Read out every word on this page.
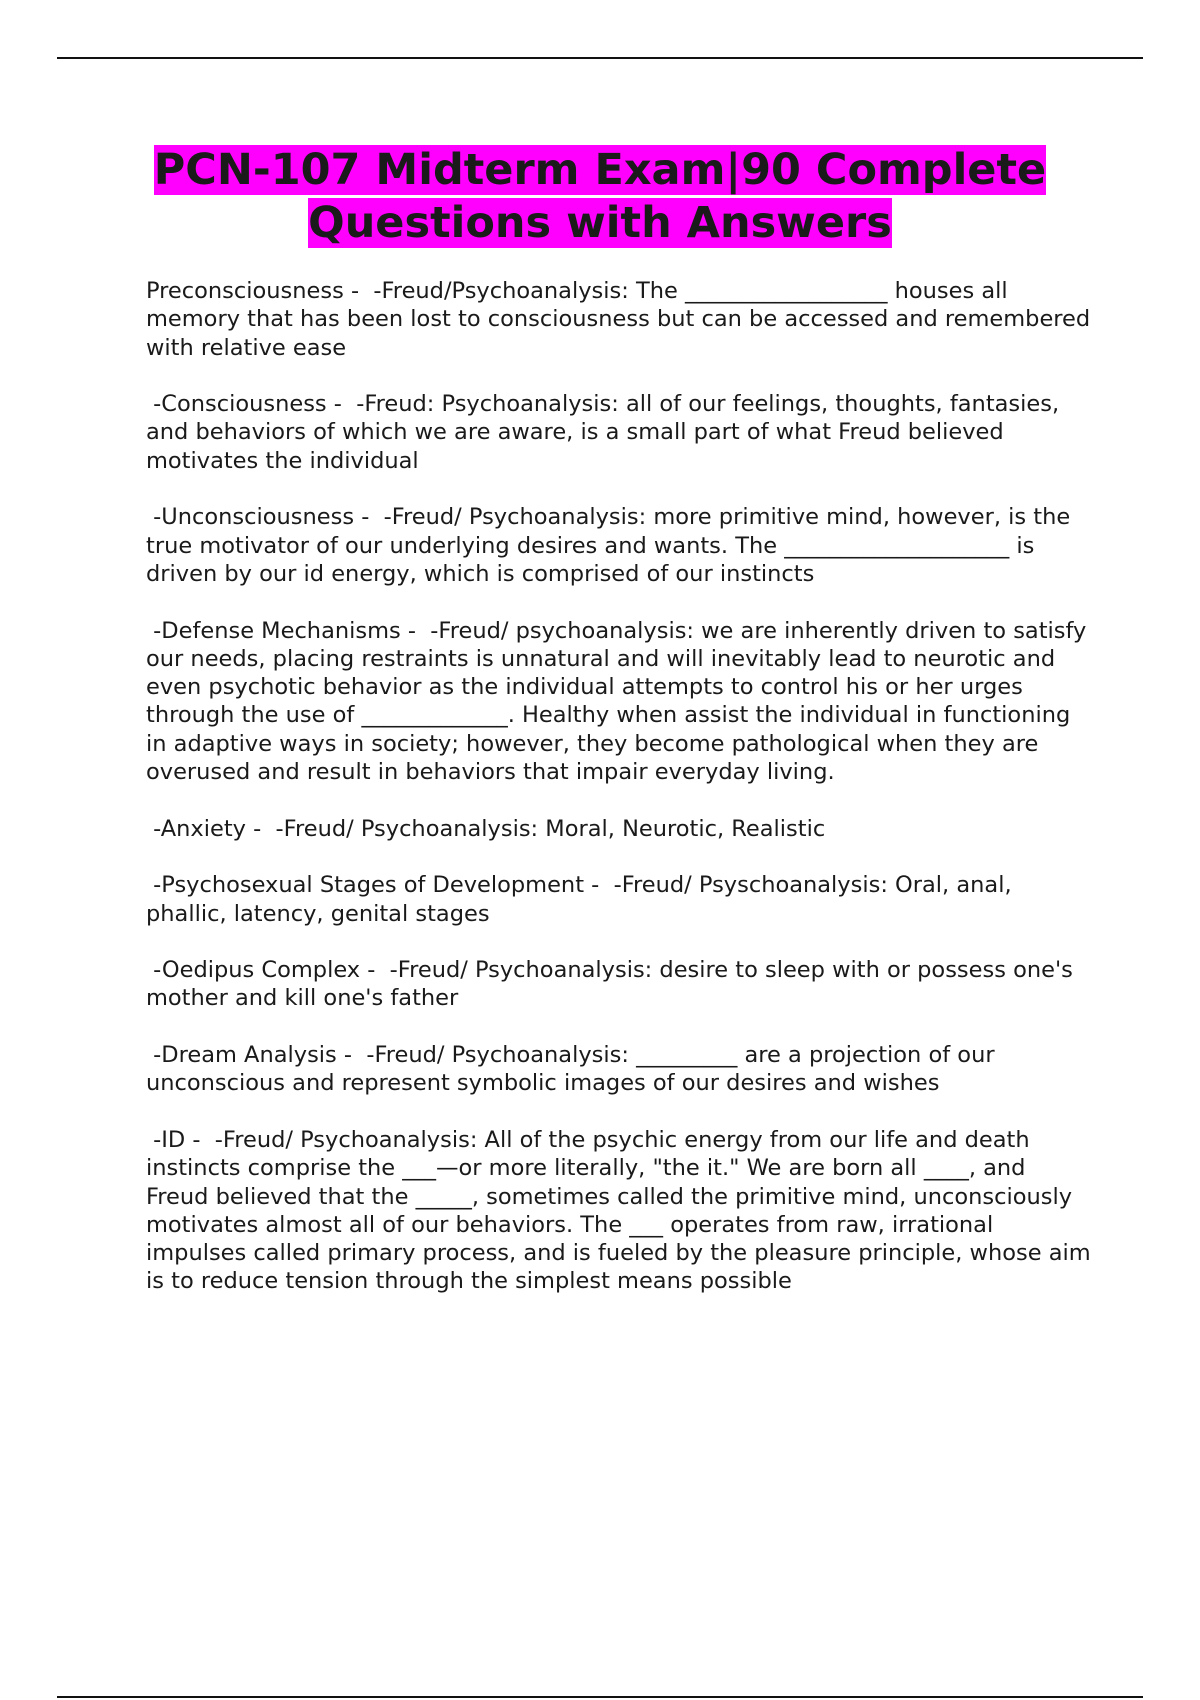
PCN-107 Midterm Exam|90 Complete Questions with Answers

Preconsciousness -  -Freud/Psychoanalysis: The __________________ houses all memory that has been lost to consciousness but can be accessed and remembered with relative ease

-Consciousness -  -Freud: Psychoanalysis: all of our feelings, thoughts, fantasies, and behaviors of which we are aware, is a small part of what Freud believed motivates the individual

-Unconsciousness -  -Freud/ Psychoanalysis: more primitive mind, however, is the true motivator of our underlying desires and wants. The ____________________ is driven by our id energy, which is comprised of our instincts

-Defense Mechanisms -  -Freud/ psychoanalysis: we are inherently driven to satisfy our needs, placing restraints is unnatural and will inevitably lead to neurotic and even psychotic behavior as the individual attempts to control his or her urges through the use of _____________. Healthy when assist the individual in functioning in adaptive ways in society; however, they become pathological when they are overused and result in behaviors that impair everyday living.

-Anxiety -  -Freud/ Psychoanalysis: Moral, Neurotic, Realistic

-Psychosexual Stages of Development -  -Freud/ Psyschoanalysis: Oral, anal, phallic, latency, genital stages

-Oedipus Complex -  -Freud/ Psychoanalysis: desire to sleep with or possess one's mother and kill one's father

-Dream Analysis -  -Freud/ Psychoanalysis: _________ are a projection of our unconscious and represent symbolic images of our desires and wishes

-ID -  -Freud/ Psychoanalysis: All of the psychic energy from our life and death instincts comprise the ___—or more literally, "the it." We are born all ____, and Freud believed that the _____, sometimes called the primitive mind, unconsciously motivates almost all of our behaviors. The ___ operates from raw, irrational impulses called primary process, and is fueled by the pleasure principle, whose aim is to reduce tension through the simplest means possible
